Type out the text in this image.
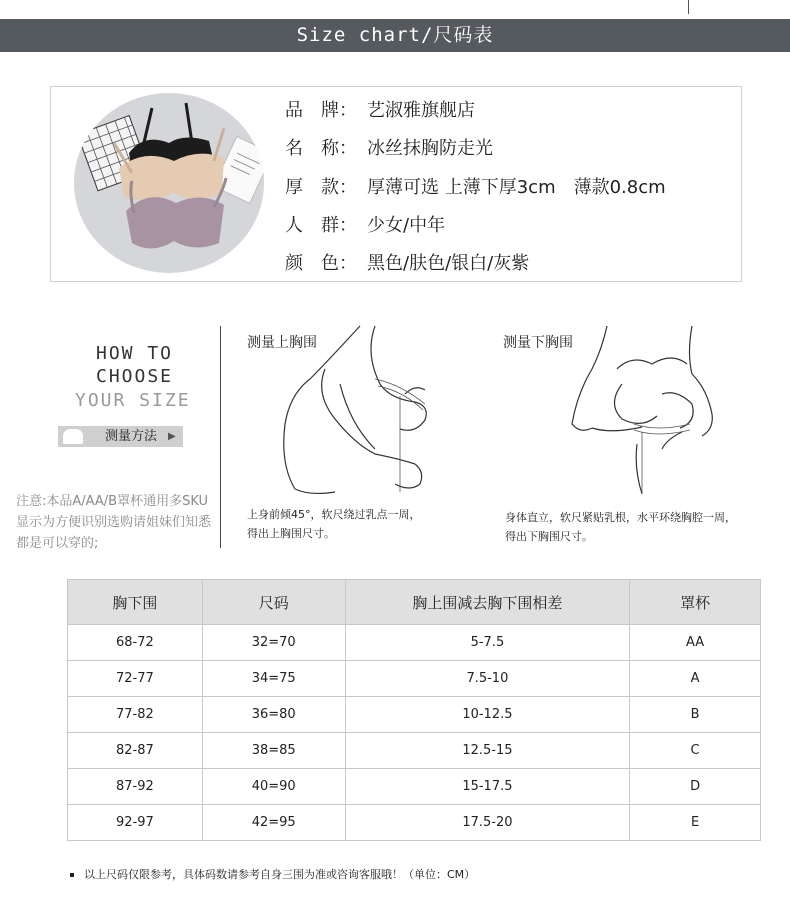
Size chart/尺码表
品　牌： 艺淑雅旗舰店
名　称： 冰丝抹胸防走光
厚　款： 厚薄可选 上薄下厚3cm　薄款0.8cm
人　群： 少女/中年
颜　色： 黑色/肤色/银白/灰紫
HOW TO
CHOOSE
YOUR SIZE
测量方法 ▶
注意:本品A/AA/B罩杯通用多SKU显示为方便识别选购请姐妹们知悉都是可以穿的;
测量上胸围
上身前倾45°，软尺绕过乳点一周，
得出上胸围尺寸。
测量下胸围
身体直立，软尺紧贴乳根，水平环绕胸腔一周，
得出下胸围尺寸。
胸下围	尺码	胸上围减去胸下围相差	罩杯
68-72	32=70	5-7.5	AA
72-77	34=75	7.5-10	A
77-82	36=80	10-12.5	B
82-87	38=85	12.5-15	C
87-92	40=90	15-17.5	D
92-97	42=95	17.5-20	E
以上尺码仅限参考，具体码数请参考自身三围为准或咨询客服哦！（单位：CM）
